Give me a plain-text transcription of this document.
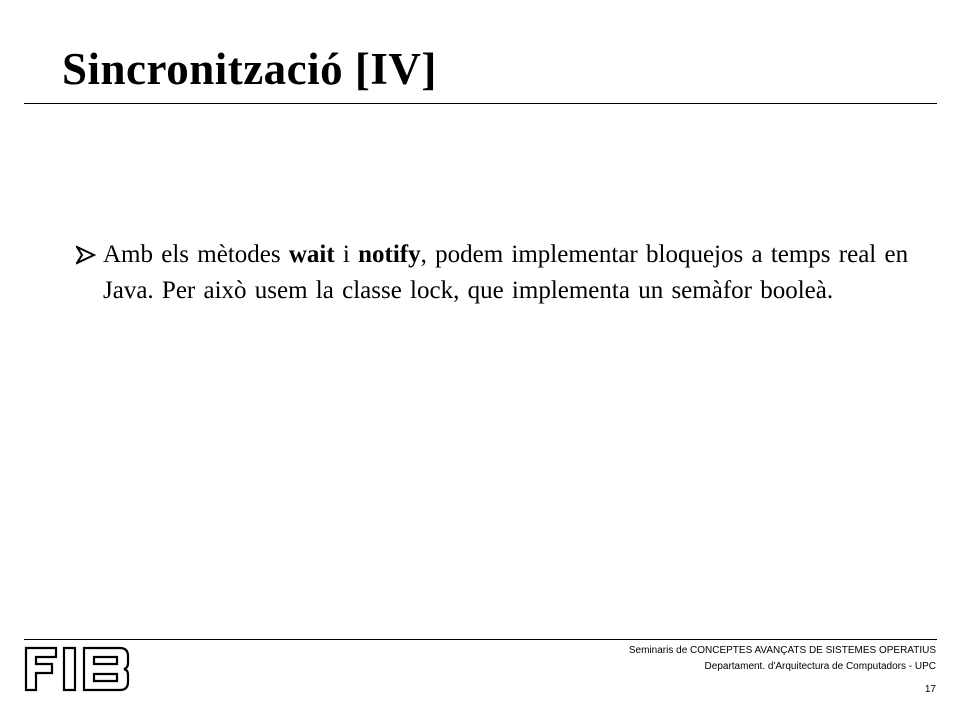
Sincronització [IV]

Amb els mètodes wait i notify, podem implementar bloquejos a temps real en Java. Per això usem la classe lock, que implementa un semàfor booleà.

Seminaris de CONCEPTES AVANÇATS DE SISTEMES OPERATIUS

Departament. d'Arquitectura de Computadors - UPC

17
